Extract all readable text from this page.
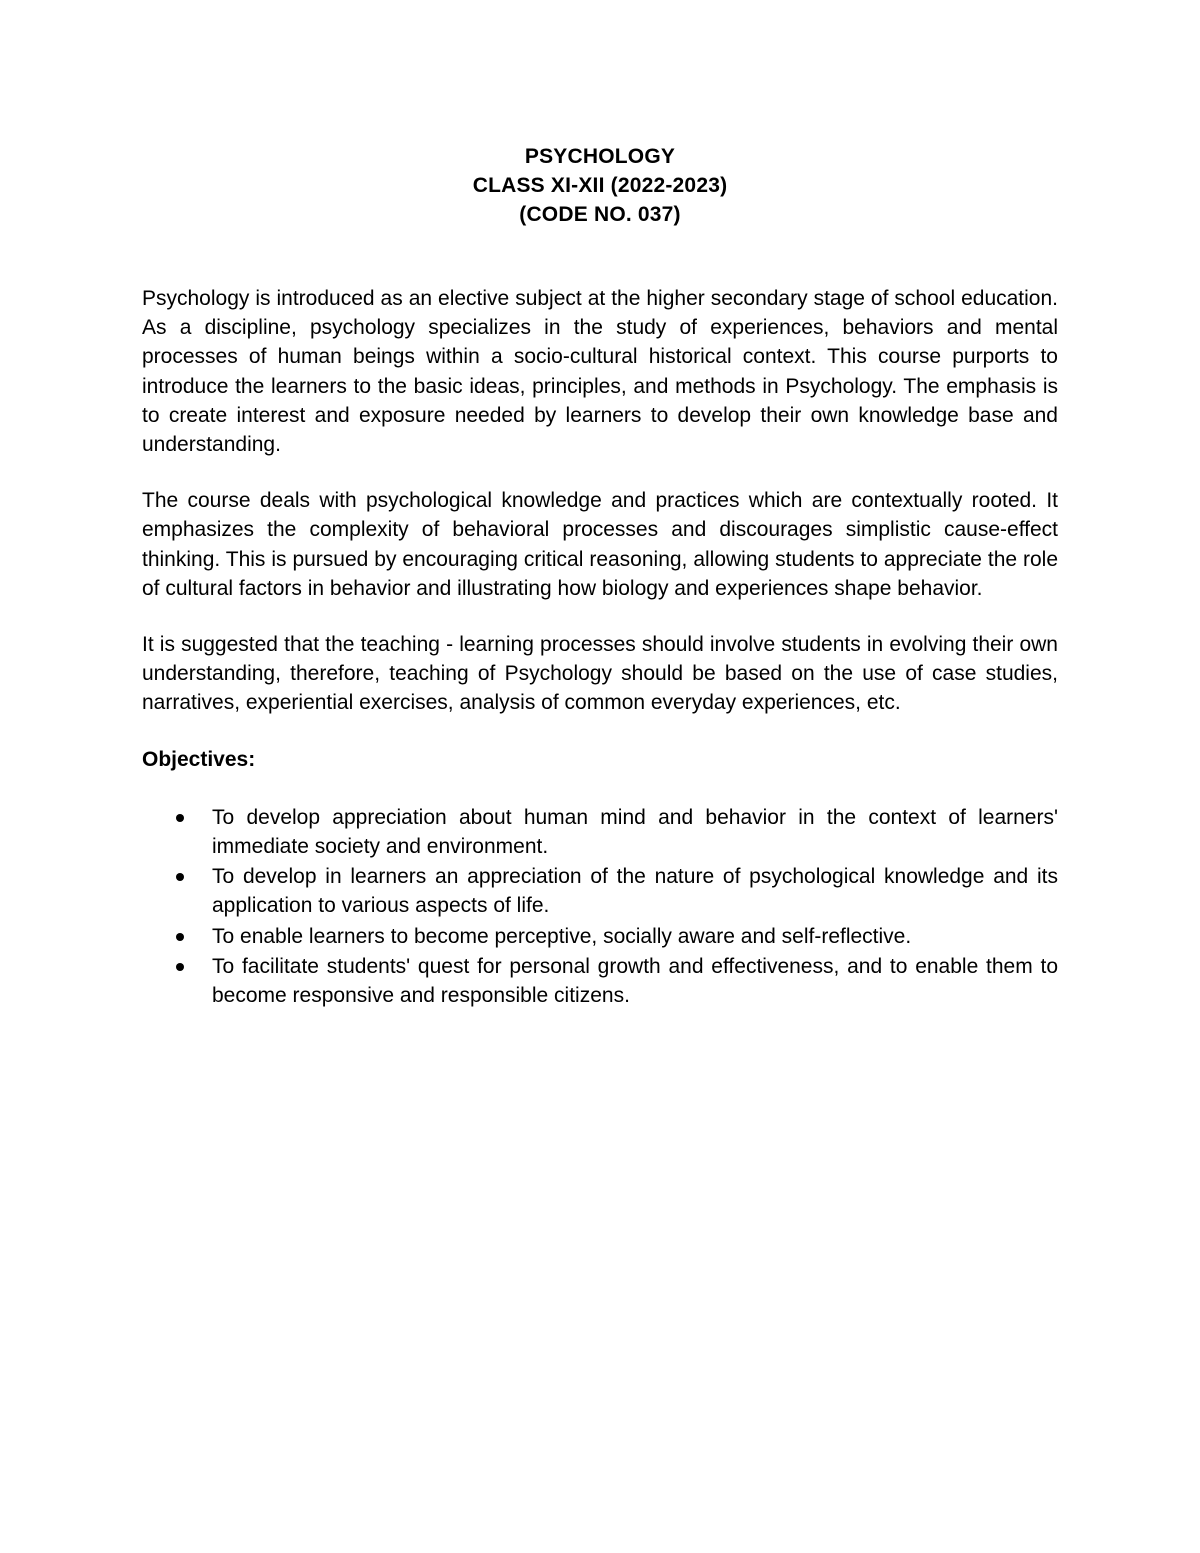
PSYCHOLOGY
CLASS XI-XII (2022-2023)
(CODE NO. 037)

Psychology is introduced as an elective subject at the higher secondary stage of school education. As a discipline, psychology specializes in the study of experiences, behaviors and mental processes of human beings within a socio-cultural historical context. This course purports to introduce the learners to the basic ideas, principles, and methods in Psychology. The emphasis is to create interest and exposure needed by learners to develop their own knowledge base and understanding.

The course deals with psychological knowledge and practices which are contextually rooted. It emphasizes the complexity of behavioral processes and discourages simplistic cause-effect thinking. This is pursued by encouraging critical reasoning, allowing students to appreciate the role of cultural factors in behavior and illustrating how biology and experiences shape behavior.

It is suggested that the teaching - learning processes should involve students in evolving their own understanding, therefore, teaching of Psychology should be based on the use of case studies, narratives, experiential exercises, analysis of common everyday experiences, etc.

Objectives:
To develop appreciation about human mind and behavior in the context of learners' immediate society and environment.
To develop in learners an appreciation of the nature of psychological knowledge and its application to various aspects of life.
To enable learners to become perceptive, socially aware and self-reflective.
To facilitate students' quest for personal growth and effectiveness, and to enable them to become responsive and responsible citizens.
